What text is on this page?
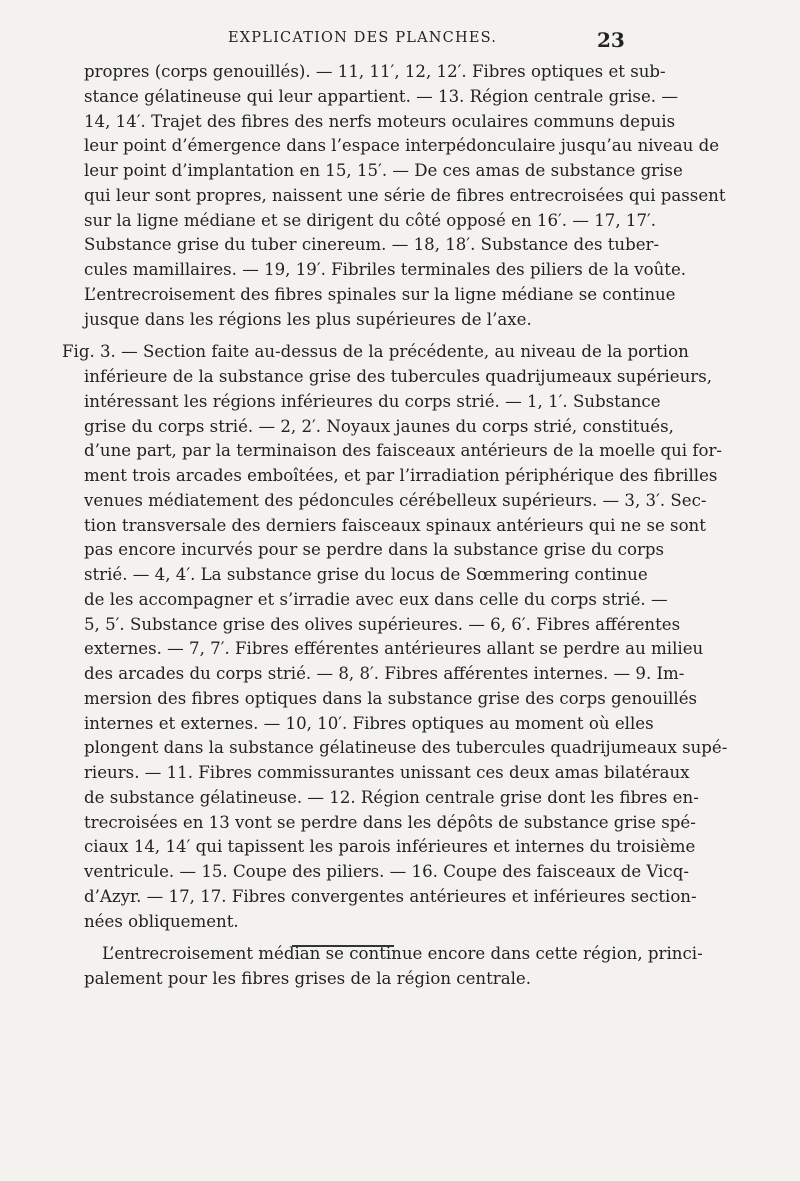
EXPLICATION DES PLANCHES.	23
propres (corps genouillés). — 11, 11′, 12, 12′. Fibres optiques et sub-
stance gélatineuse qui leur appartient. — 13. Région centrale grise. —
14, 14′. Trajet des fibres des nerfs moteurs oculaires communs depuis
leur point d’émergence dans l’espace interpédonculaire jusqu’au niveau de
leur point d’implantation en 15, 15′. — De ces amas de substance grise
qui leur sont propres, naissent une série de fibres entrecroisées qui passent
sur la ligne médiane et se dirigent du côté opposé en 16′. — 17, 17′.
Substance grise du tuber cinereum. — 18, 18′. Substance des tuber-
cules mamillaires. — 19, 19′. Fibriles terminales des piliers de la voûte.
L’entrecroisement des fibres spinales sur la ligne médiane se continue
jusque dans les régions les plus supérieures de l’axe.
Fig. 3. — Section faite au-dessus de la précédente, au niveau de la portion
inférieure de la substance grise des tubercules quadrijumeaux supérieurs,
intéressant les régions inférieures du corps strié. — 1, 1′. Substance
grise du corps strié. — 2, 2′. Noyaux jaunes du corps strié, constitués,
d’une part, par la terminaison des faisceaux antérieurs de la moelle qui for-
ment trois arcades emboîtées, et par l’irradiation périphérique des fibrilles
venues médiatement des pédoncules cérébelleux supérieurs. — 3, 3′. Sec-
tion transversale des derniers faisceaux spinaux antérieurs qui ne se sont
pas encore incurvés pour se perdre dans la substance grise du corps
strié. — 4, 4′. La substance grise du locus de Sœmmering continue
de les accompagner et s’irradie avec eux dans celle du corps strié. —
5, 5′. Substance grise des olives supérieures. — 6, 6′. Fibres afférentes
externes. — 7, 7′. Fibres efférentes antérieures allant se perdre au milieu
des arcades du corps strié. — 8, 8′. Fibres afférentes internes. — 9. Im-
mersion des fibres optiques dans la substance grise des corps genouillés
internes et externes. — 10, 10′. Fibres optiques au moment où elles
plongent dans la substance gélatineuse des tubercules quadrijumeaux supé-
rieurs. — 11. Fibres commissurantes unissant ces deux amas bilatéraux
de substance gélatineuse. — 12. Région centrale grise dont les fibres en-
trecroisées en 13 vont se perdre dans les dépôts de substance grise spé-
ciaux 14, 14′ qui tapissent les parois inférieures et internes du troisième
ventricule. — 15. Coupe des piliers. — 16. Coupe des faisceaux de Vicq-
d’Azyr. — 17, 17. Fibres convergentes antérieures et inférieures section-
nées obliquement.
L’entrecroisement médian se continue encore dans cette région, princi-
palement pour les fibres grises de la région centrale.
